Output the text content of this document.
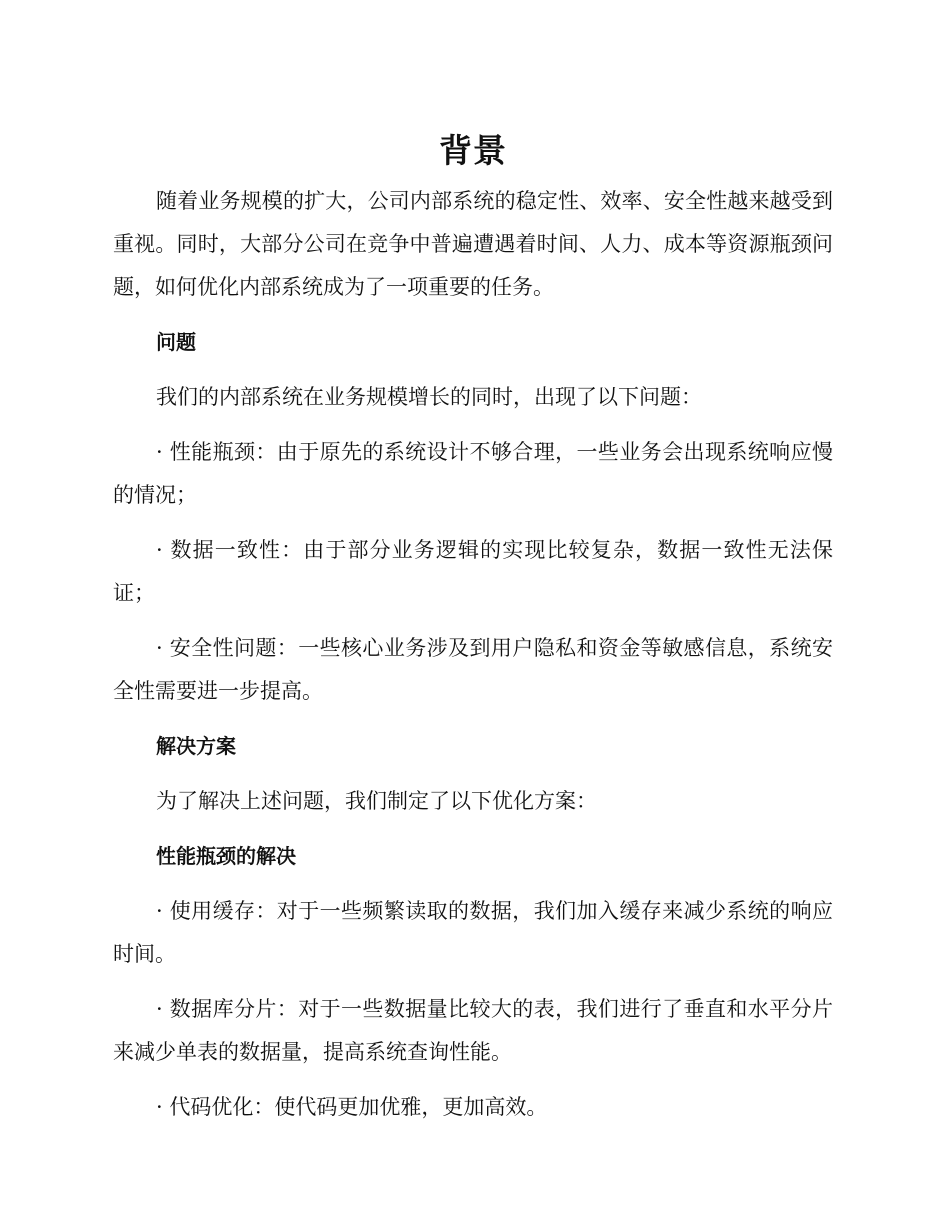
背景

随着业务规模的扩大，公司内部系统的稳定性、效率、安全性越来越受到重视。同时，大部分公司在竞争中普遍遭遇着时间、人力、成本等资源瓶颈问题，如何优化内部系统成为了一项重要的任务。

问题

我们的内部系统在业务规模增长的同时，出现了以下问题：

· 性能瓶颈：由于原先的系统设计不够合理，一些业务会出现系统响应慢的情况；

· 数据一致性：由于部分业务逻辑的实现比较复杂，数据一致性无法保证；

· 安全性问题：一些核心业务涉及到用户隐私和资金等敏感信息，系统安全性需要进一步提高。

解决方案

为了解决上述问题，我们制定了以下优化方案：

性能瓶颈的解决

· 使用缓存：对于一些频繁读取的数据，我们加入缓存来减少系统的响应时间。

· 数据库分片：对于一些数据量比较大的表，我们进行了垂直和水平分片来减少单表的数据量，提高系统查询性能。

· 代码优化：使代码更加优雅，更加高效。
